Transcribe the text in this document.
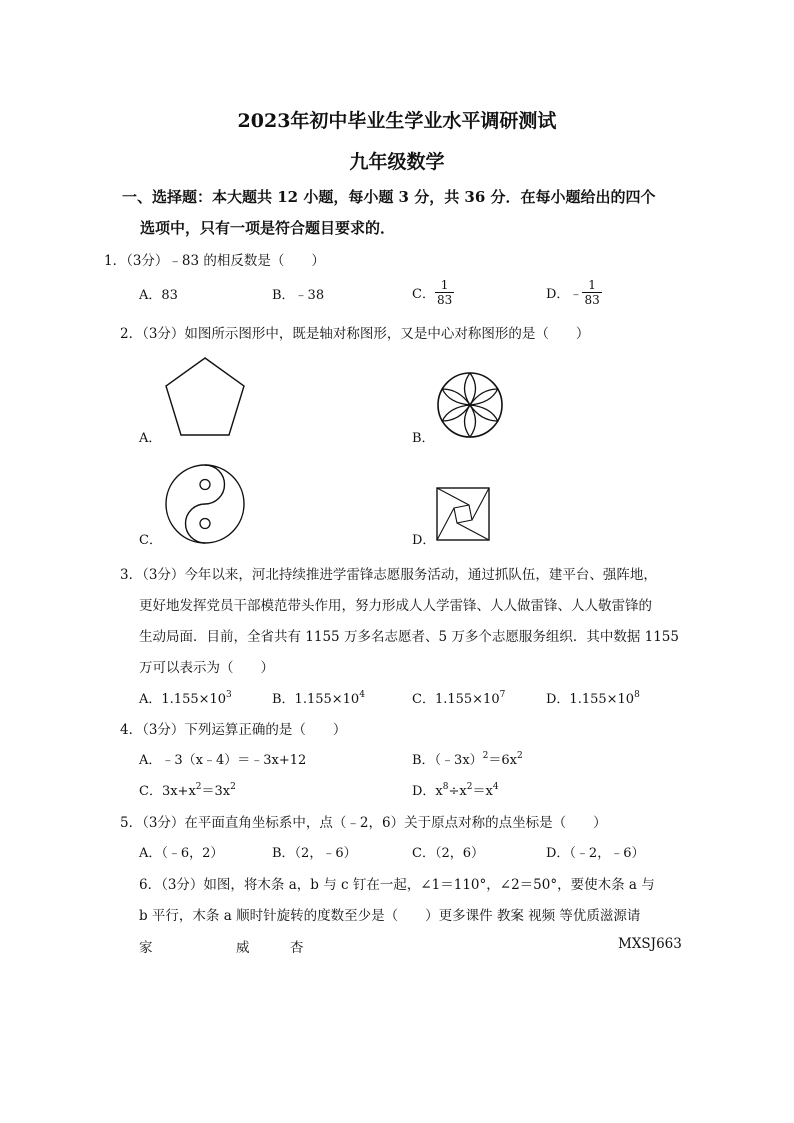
2023年初中毕业生学业水平调研测试
九年级数学
一、选择题：本大题共 12 小题，每小题 3 分，共 36 分．在每小题给出的四个
选项中，只有一项是符合题目要求的．
1．（3分）﹣83 的相反数是（　　）
A．83	B．﹣38	C． $\frac{1}{83}$	D．﹣ $\frac{1}{83}$
2．（3分）如图所示图形中，既是轴对称图形，又是中心对称图形的是（　　）
A．	B．
C．	D．
3．（3分）今年以来，河北持续推进学雷锋志愿服务活动，通过抓队伍，建平台、强阵地，
更好地发挥党员干部模范带头作用，努力形成人人学雷锋、人人做雷锋、人人敬雷锋的
生动局面．目前，全省共有 1155 万多名志愿者、5 万多个志愿服务组织．其中数据 1155
万可以表示为（　　）
A．$1.155\times 10^3$	B．$1.155\times 10^4$	C．$1.155\times 10^7$	D．$1.155\times 10^8$
4．（3分）下列运算正确的是（　　）
A．﹣3（x﹣4）＝﹣3x+12	B．$(﹣3x)^2=6x^2$
C．$3x+x^2=3x^2$	D．$x^8\div x^2=x^4$
5．（3分）在平面直角坐标系中，点（﹣2，6）关于原点对称的点坐标是（　　）
A．（﹣6，2）	B．（2，﹣6）	C．（2，6）	D．（﹣2，﹣6）
6．（3分）如图，将木条 a，b 与 c 钉在一起，∠1＝110°，∠2＝50°，要使木条 a 与
b 平行，木条 a 顺时针旋转的度数至少是（　　）更多课件 教案 视频 等优质滋源请
家	威	杏	MXSJ663
